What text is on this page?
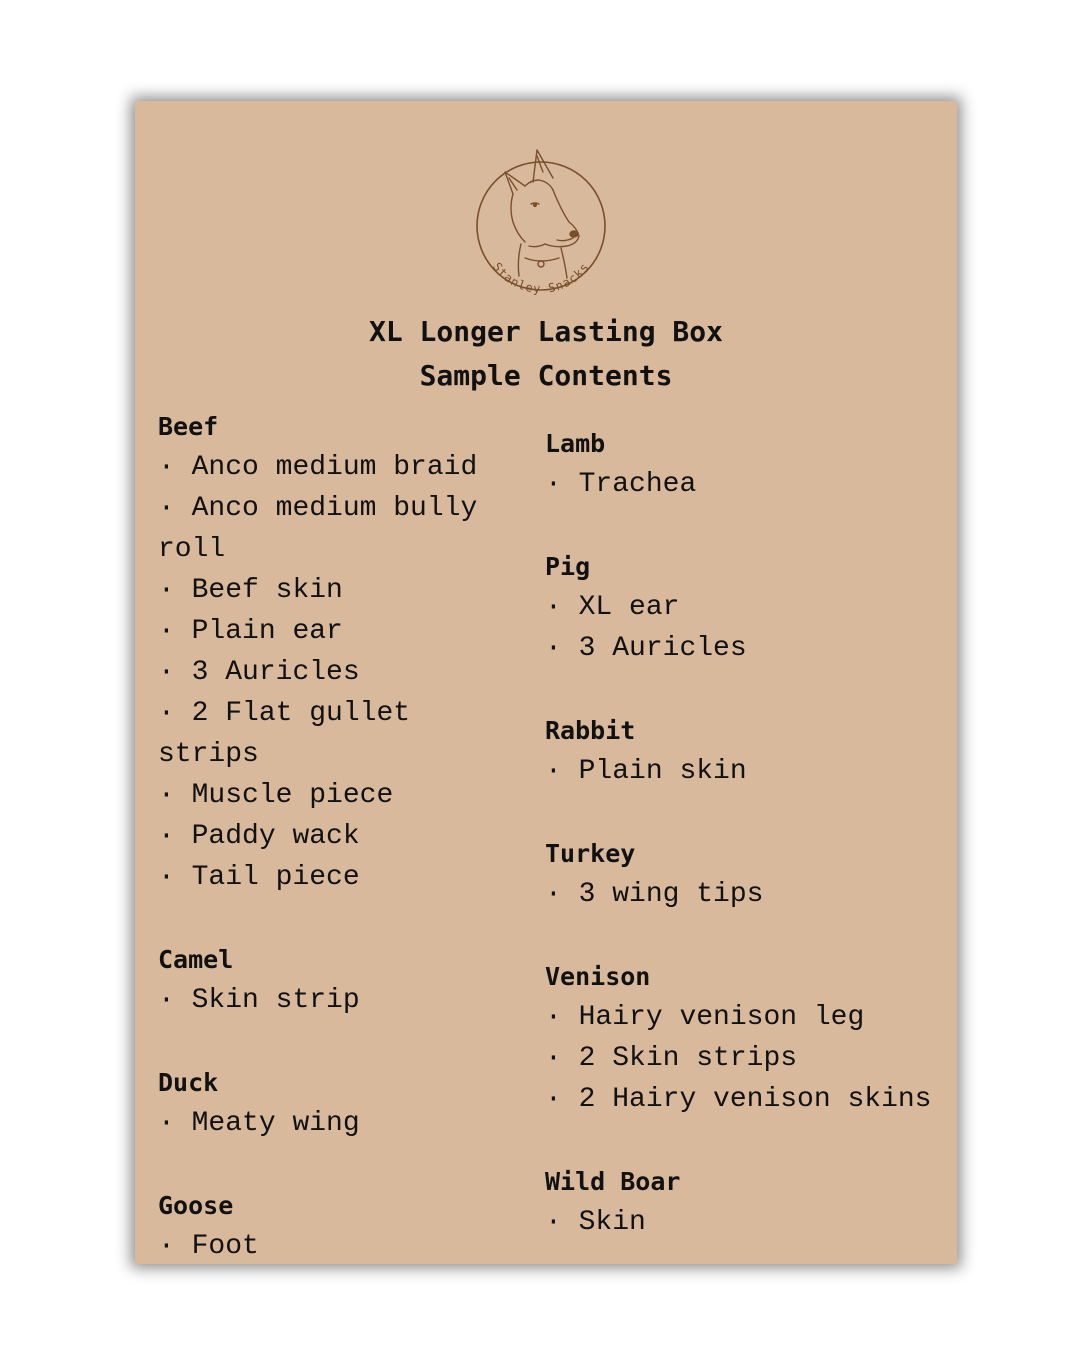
Stanley Snacks
XL Longer Lasting Box
Sample Contents
Beef
· Anco medium braid
· Anco medium bully roll
· Beef skin
· Plain ear
· 3 Auricles
· 2 Flat gullet strips
· Muscle piece
· Paddy wack
· Tail piece
Camel
· Skin strip
Duck
· Meaty wing
Goose
· Foot
Lamb
· Trachea
Pig
· XL ear
· 3 Auricles
Rabbit
· Plain skin
Turkey
· 3 wing tips
Venison
· Hairy venison leg
· 2 Skin strips
· 2 Hairy venison skins
Wild Boar
· Skin
